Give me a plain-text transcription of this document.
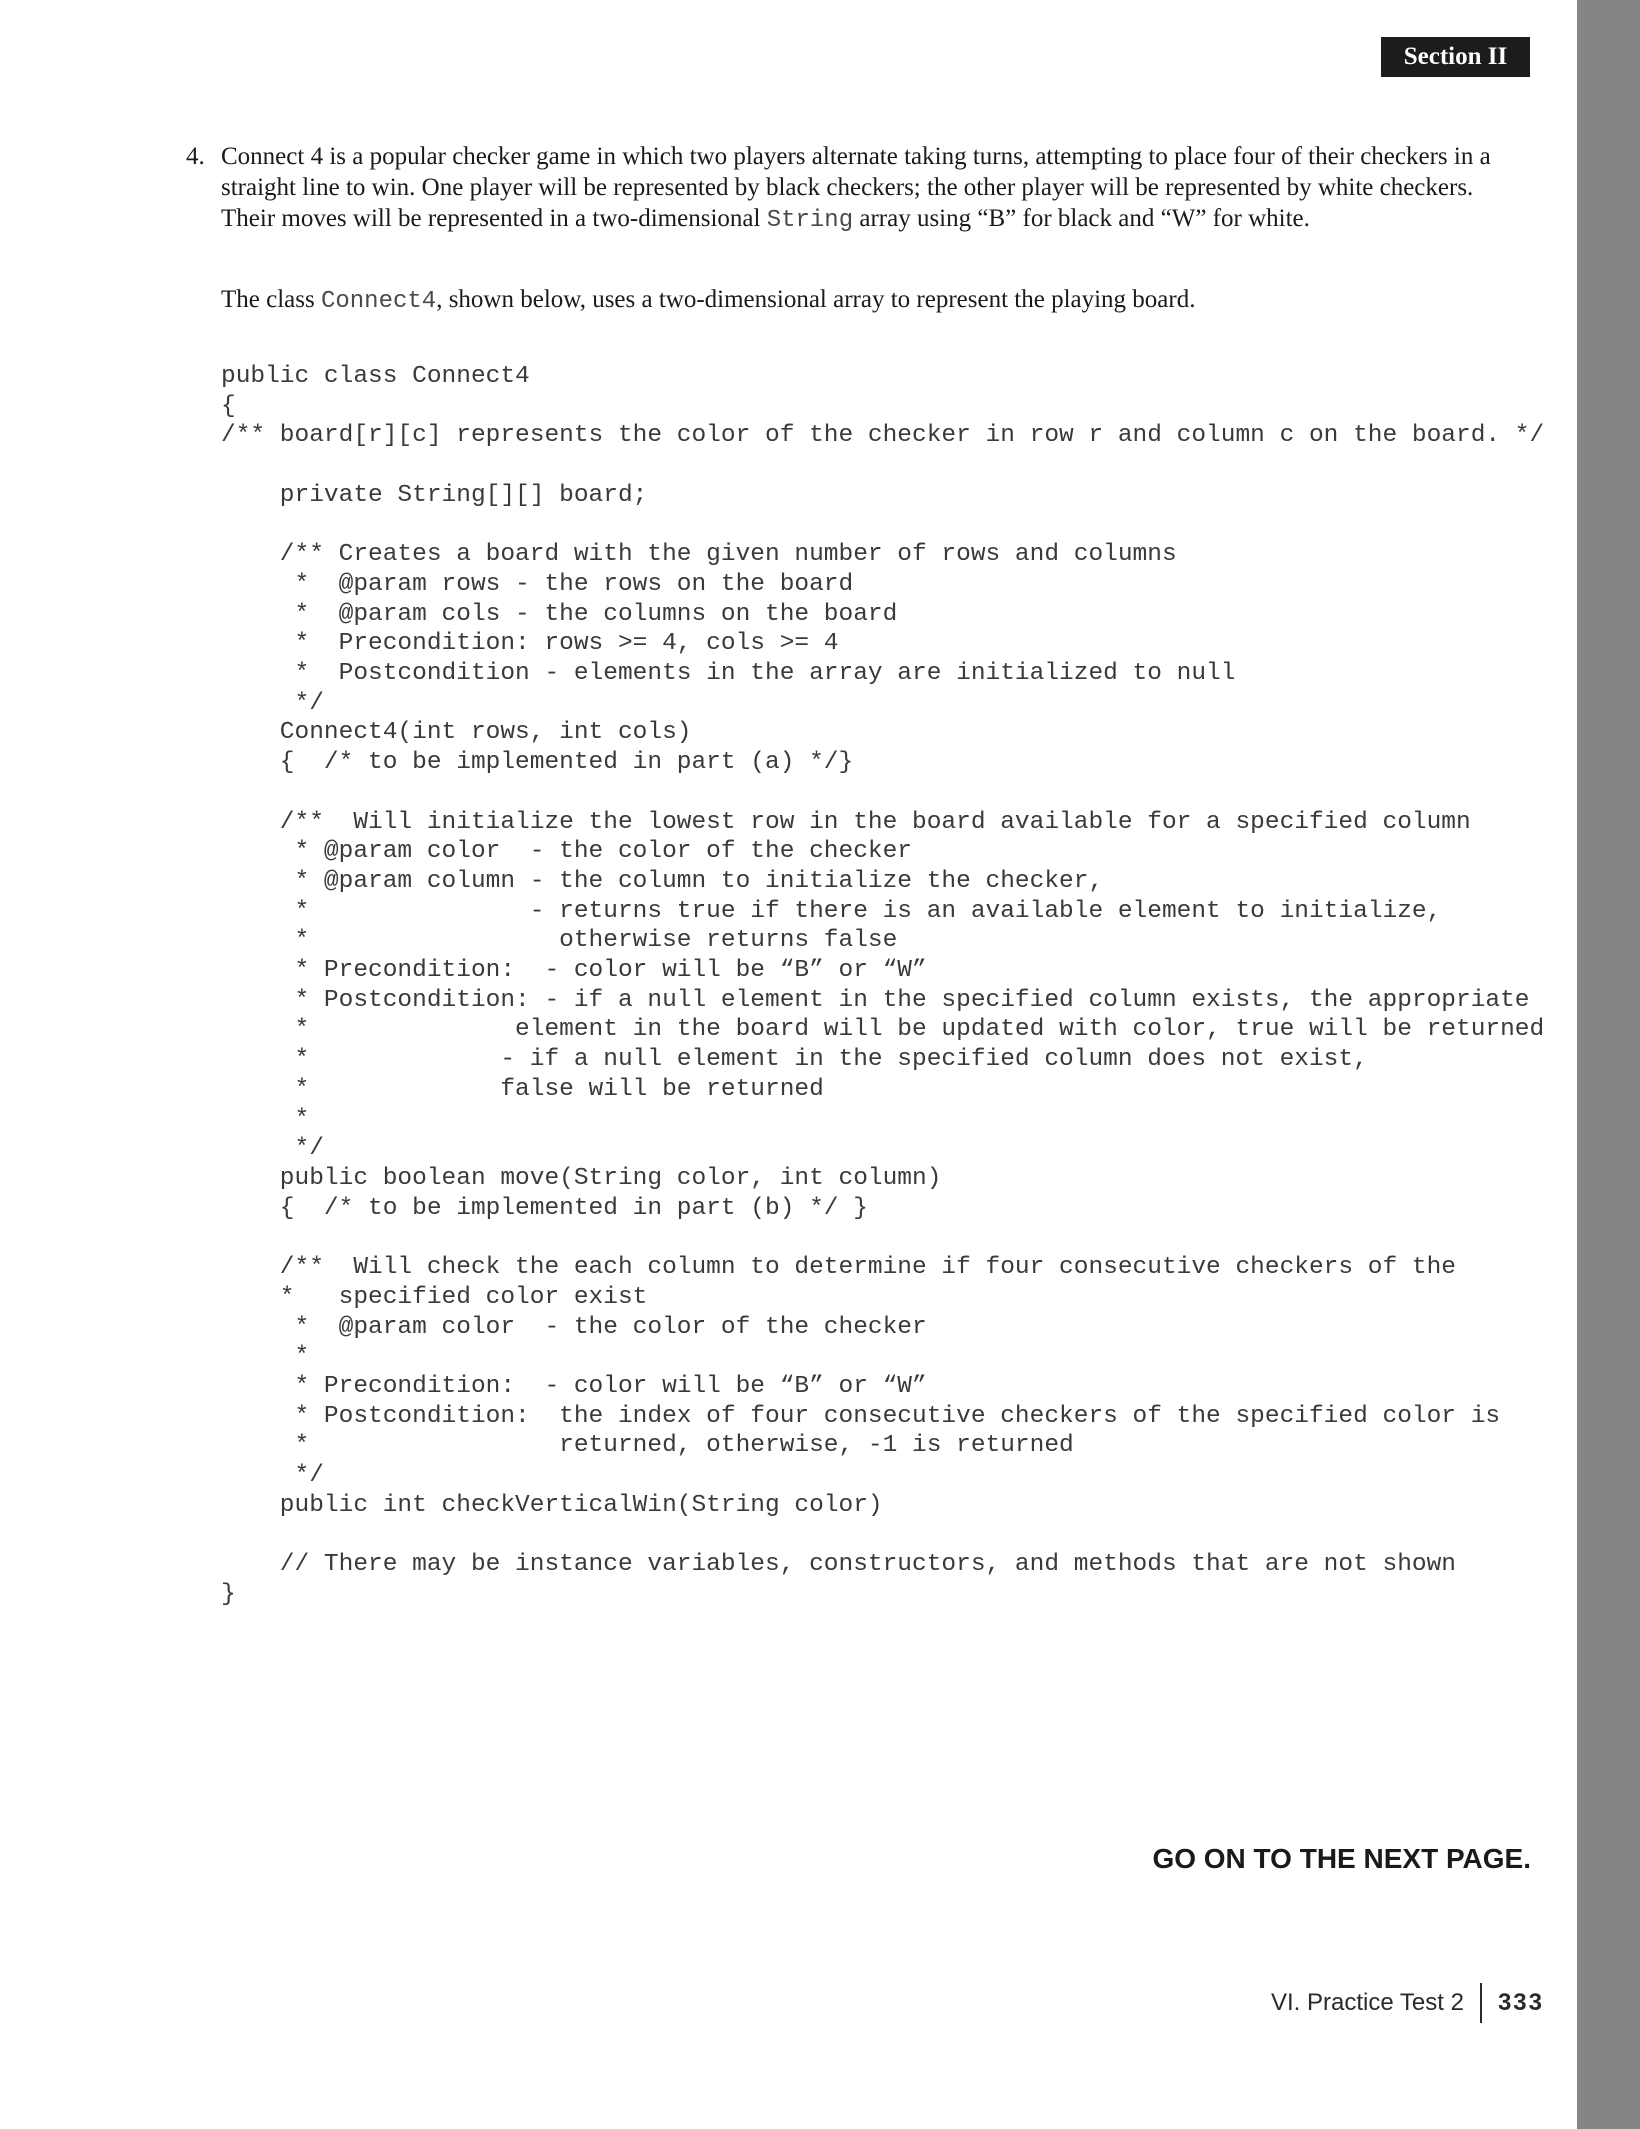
Section II
4. Connect 4 is a popular checker game in which two players alternate taking turns, attempting to place four of their checkers in a straight line to win. One player will be represented by black checkers; the other player will be represented by white checkers. Their moves will be represented in a two-dimensional String array using “B” for black and “W” for white.

The class Connect4, shown below, uses a two-dimensional array to represent the playing board.

public class Connect4
{
/** board[r][c] represents the color of the checker in row r and column c on the board. */

private String[][] board;

/** Creates a board with the given number of rows and columns
*  @param rows - the rows on the board
*  @param cols - the columns on the board
*  Precondition: rows >= 4, cols >= 4
*  Postcondition - elements in the array are initialized to null
*/
Connect4(int rows, int cols)
{  /* to be implemented in part (a) */}

/**  Will initialize the lowest row in the board available for a specified column
* @param color  - the color of the checker
* @param column - the column to initialize the checker,
*               - returns true if there is an available element to initialize,
*                 otherwise returns false
* Precondition:  - color will be “B” or “W”
* Postcondition: - if a null element in the specified column exists, the appropriate
*              element in the board will be updated with color, true will be returned
*             - if a null element in the specified column does not exist,
*             false will be returned
*
*/
public boolean move(String color, int column)
{  /* to be implemented in part (b) */ }

/**  Will check the each column to determine if four consecutive checkers of the
*   specified color exist
*  @param color  - the color of the checker
*
* Precondition:  - color will be “B” or “W”
* Postcondition:  the index of four consecutive checkers of the specified color is
*                 returned, otherwise, -1 is returned
*/
public int checkVerticalWin(String color)

// There may be instance variables, constructors, and methods that are not shown
}
GO ON TO THE NEXT PAGE.
VI. Practice Test 2 333
